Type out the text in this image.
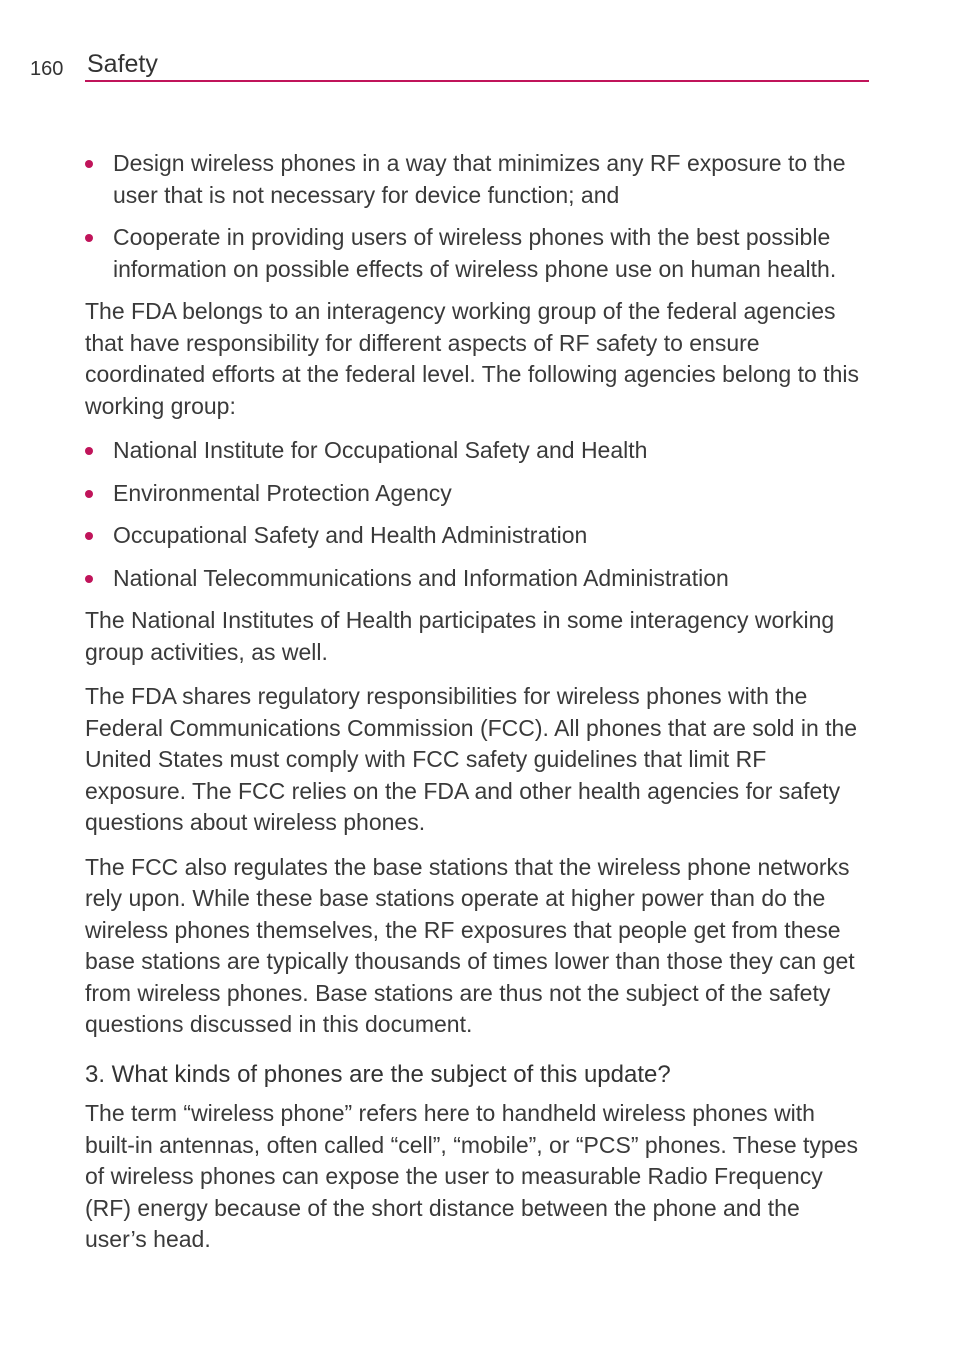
160 Safety
Design wireless phones in a way that minimizes any RF exposure to the user that is not necessary for device function; and
Cooperate in providing users of wireless phones with the best possible information on possible effects of wireless phone use on human health.

The FDA belongs to an interagency working group of the federal agencies that have responsibility for different aspects of RF safety to ensure coordinated efforts at the federal level. The following agencies belong to this working group:

National Institute for Occupational Safety and Health
Environmental Protection Agency
Occupational Safety and Health Administration
National Telecommunications and Information Administration

The National Institutes of Health participates in some interagency working group activities, as well.

The FDA shares regulatory responsibilities for wireless phones with the Federal Communications Commission (FCC). All phones that are sold in the United States must comply with FCC safety guidelines that limit RF exposure. The FCC relies on the FDA and other health agencies for safety questions about wireless phones.

The FCC also regulates the base stations that the wireless phone networks rely upon. While these base stations operate at higher power than do the wireless phones themselves, the RF exposures that people get from these base stations are typically thousands of times lower than those they can get from wireless phones. Base stations are thus not the subject of the safety questions discussed in this document.

3. What kinds of phones are the subject of this update?

The term “wireless phone” refers here to handheld wireless phones with built-in antennas, often called “cell”, “mobile”, or “PCS” phones. These types of wireless phones can expose the user to measurable Radio Frequency (RF) energy because of the short distance between the phone and the user’s head.
